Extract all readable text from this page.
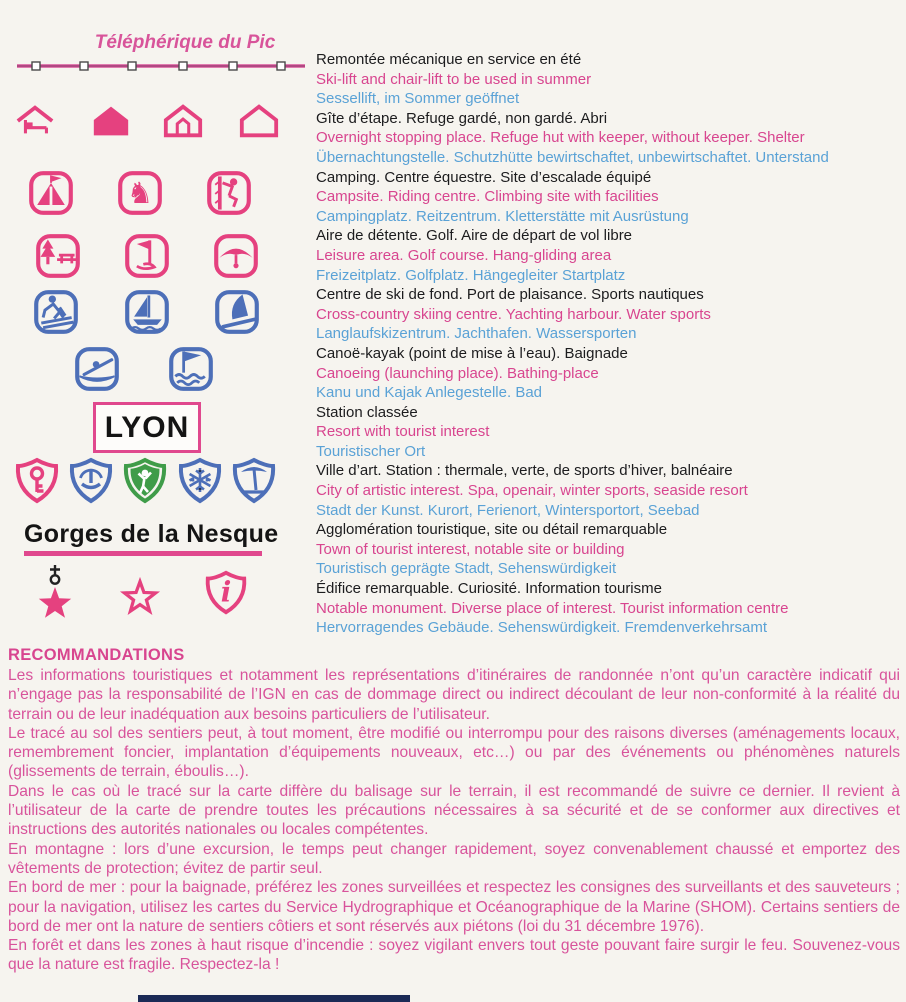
Téléphérique du Pic
♞
LYON
Gorges de la Nesque
i
Remontée mécanique en service en été
Ski-lift and chair-lift to be used in summer
Sessellift, im Sommer geöffnet
Gîte d’étape. Refuge gardé, non gardé. Abri
Overnight stopping place. Refuge hut with keeper, without keeper. Shelter
Übernachtungstelle. Schutzhütte bewirtschaftet, unbewirtschaftet. Unterstand
Camping. Centre équestre. Site d’escalade équipé
Campsite. Riding centre. Climbing site with facilities
Campingplatz. Reitzentrum. Kletterstätte mit Ausrüstung
Aire de détente. Golf. Aire de départ de vol libre
Leisure area. Golf course. Hang-gliding area
Freizeitplatz. Golfplatz. Hängegleiter Startplatz
Centre de ski de fond. Port de plaisance. Sports nautiques
Cross-country skiing centre. Yachting harbour. Water sports
Langlaufskizentrum. Jachthafen. Wassersporten
Canoë-kayak (point de mise à l’eau). Baignade
Canoeing (launching place). Bathing-place
Kanu und Kajak Anlegestelle. Bad
Station classée
Resort with tourist interest
Touristischer Ort
Ville d’art. Station : thermale, verte, de sports d’hiver, balnéaire
City of artistic interest. Spa, openair, winter sports, seaside resort
Stadt der Kunst. Kurort, Ferienort, Wintersportort, Seebad
Agglomération touristique, site ou détail remarquable
Town of tourist interest, notable site or building
Touristisch geprägte Stadt, Sehenswürdigkeit
Édifice remarquable. Curiosité. Information tourisme
Notable monument. Diverse place of interest. Tourist information centre
Hervorragendes Gebäude. Sehenswürdigkeit. Fremdenverkehrsamt
RECOMMANDATIONS

Les informations touristiques et notamment les représentations d’itinéraires de randonnée n’ont qu’un caractère indicatif qui n’engage pas la responsabilité de l’IGN en cas de dommage direct ou indirect découlant de leur non-conformité à la réalité du terrain ou de leur inadéquation aux besoins particuliers de l’utilisateur.

Le tracé au sol des sentiers peut, à tout moment, être modifié ou interrompu pour des raisons diverses (aménagements locaux, remembrement foncier, implantation d’équipements nouveaux, etc…) ou par des événements ou phénomènes naturels (glissements de terrain, éboulis…).

Dans le cas où le tracé sur la carte diffère du balisage sur le terrain, il est recommandé de suivre ce dernier. Il revient à l’utilisateur de la carte de prendre toutes les précautions nécessaires à sa sécurité et de se conformer aux directives et instructions des autorités nationales ou locales compétentes.

En montagne : lors d’une excursion, le temps peut changer rapidement, soyez convenablement chaussé et emportez des vêtements de protection; évitez de partir seul.

En bord de mer : pour la baignade, préférez les zones surveillées et respectez les consignes des surveillants et des sauveteurs ; pour la navigation, utilisez les cartes du Service Hydrographique et Océanographique de la Marine (SHOM). Certains sentiers de bord de mer ont la nature de sentiers côtiers et sont réservés aux piétons (loi du 31 décembre 1976).

En forêt et dans les zones à haut risque d’incendie : soyez vigilant envers tout geste pouvant faire surgir le feu. Souvenez-vous que la nature est fragile. Respectez-la !
